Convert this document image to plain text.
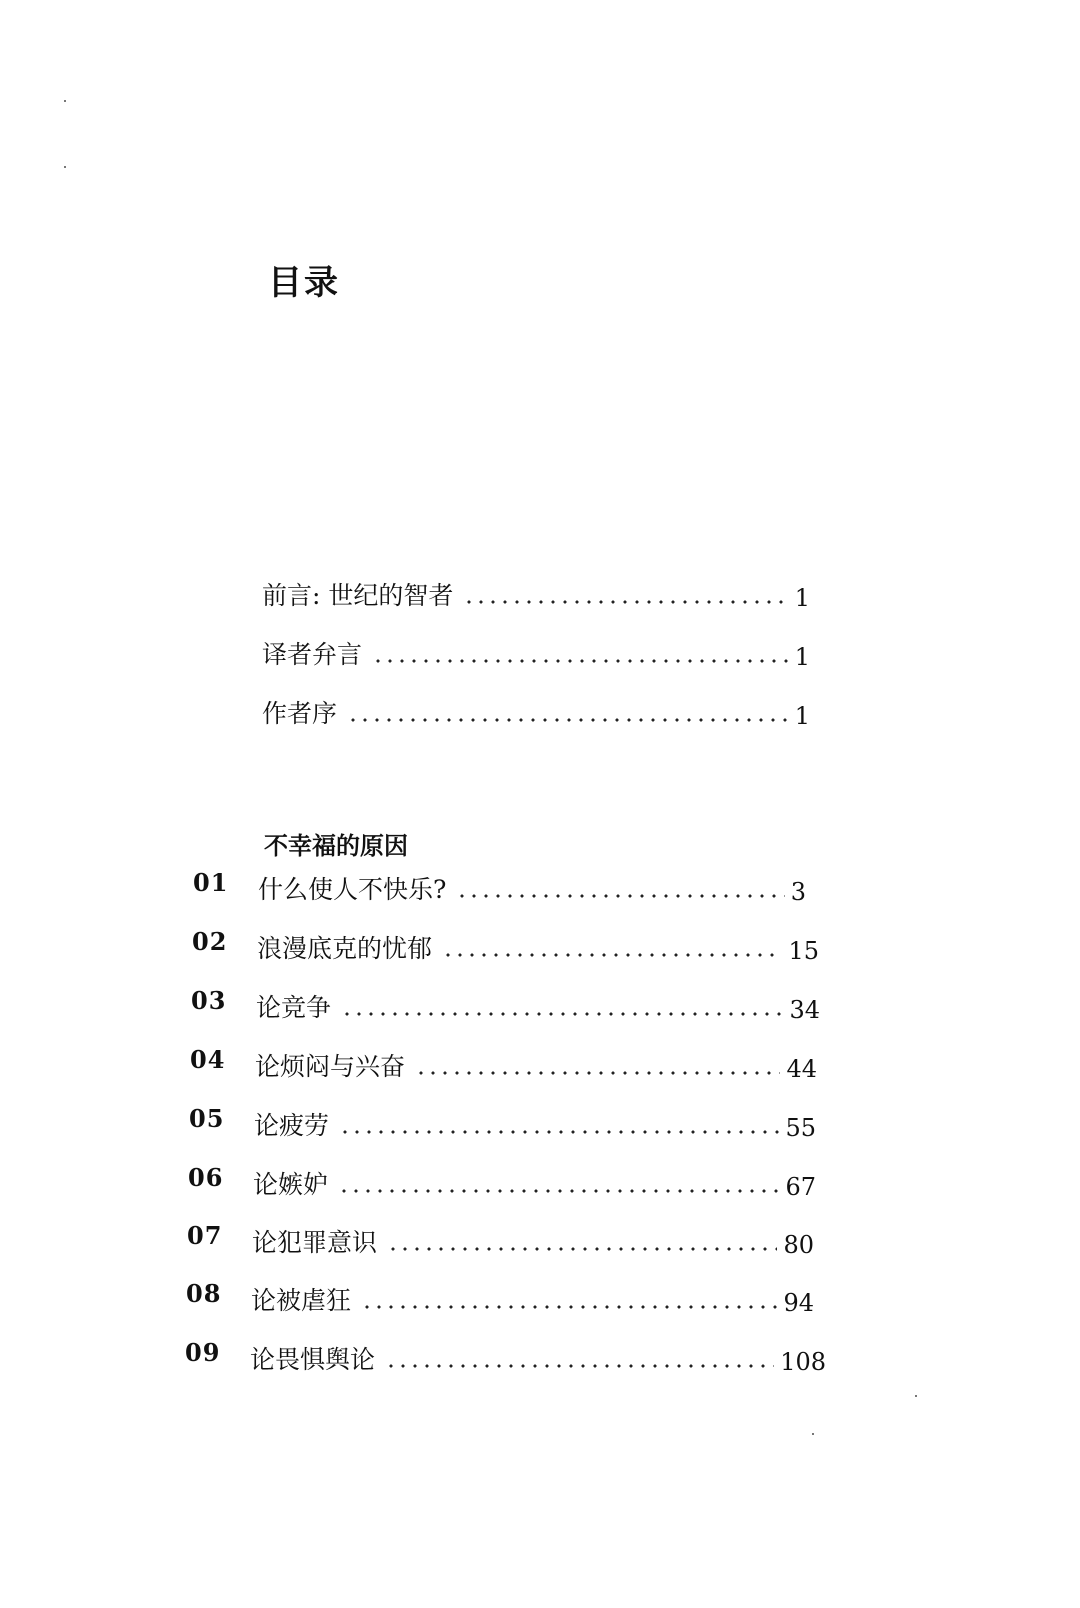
目录
前言: 世纪的智者	1
译者弁言	1
作者序	1
不幸福的原因
01 什么使人不快乐?	3
02 浪漫底克的忧郁	15
03 论竞争	34
04 论烦闷与兴奋	44
05 论疲劳	55
06 论嫉妒	67
07 论犯罪意识	80
08 论被虐狂	94
09 论畏惧舆论	108
